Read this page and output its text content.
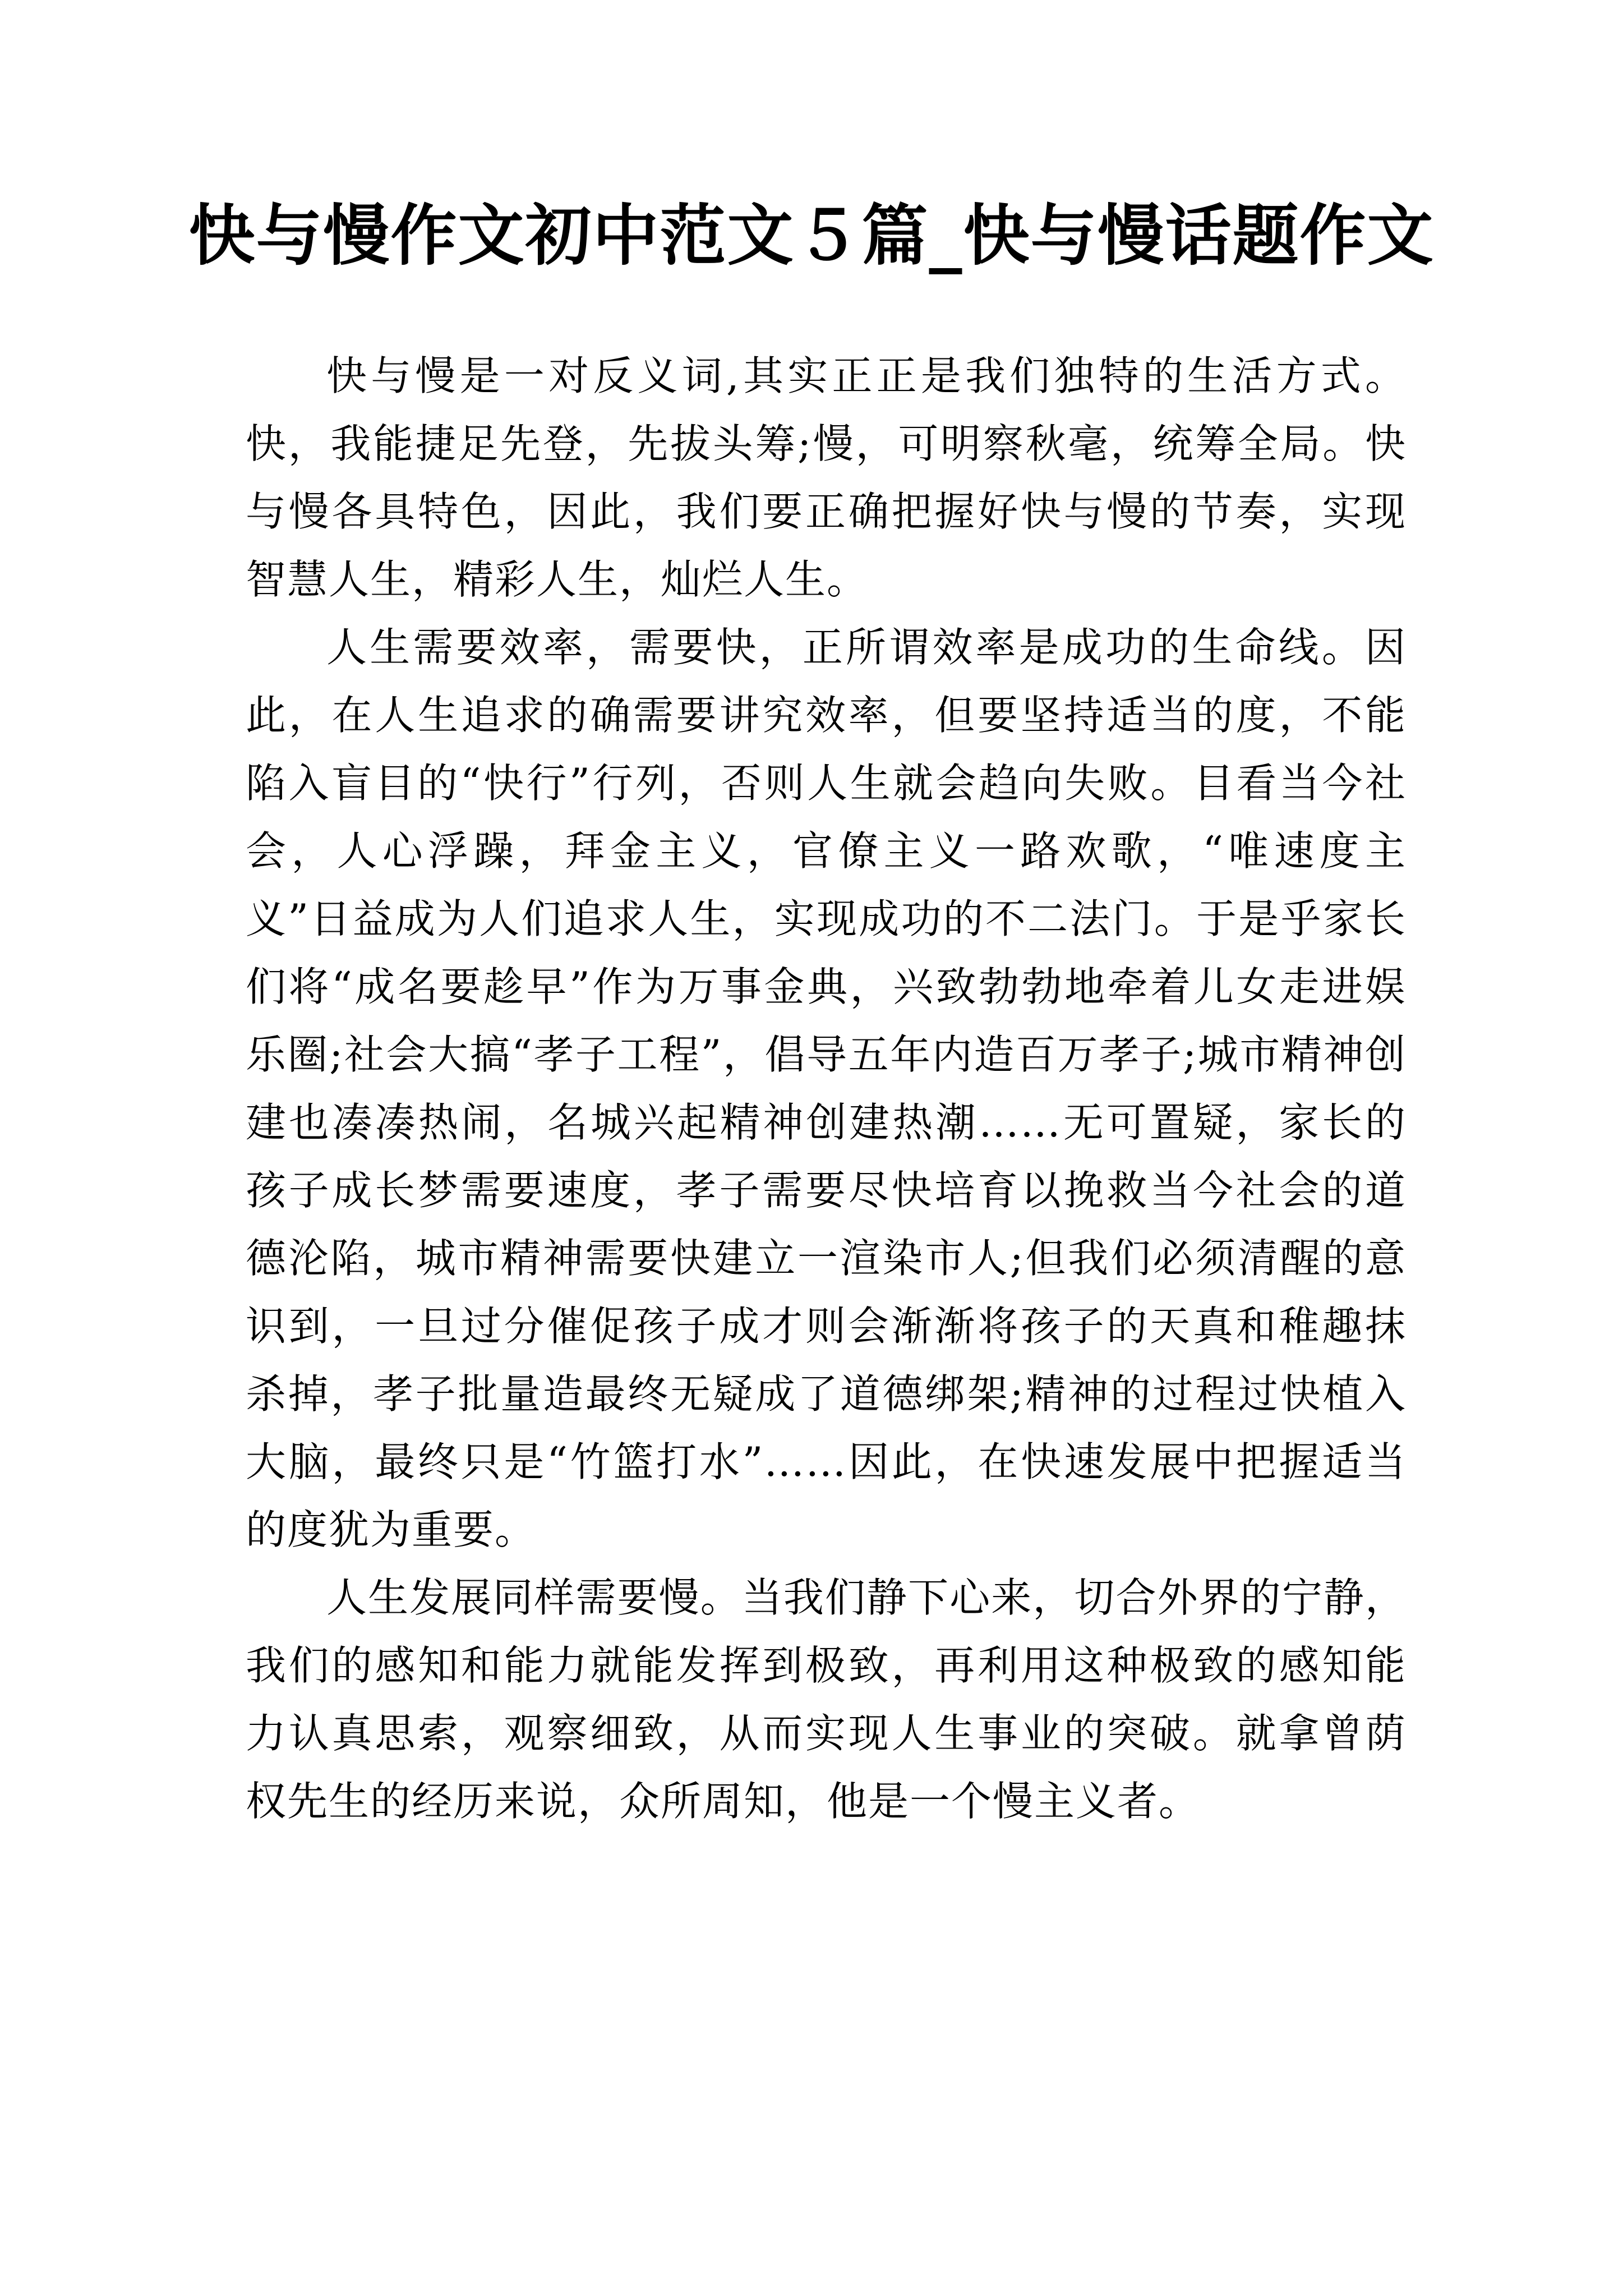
快与慢作文初中范文５篇_快与慢话题作文

快与慢是一对反义词,其实正正是我们独特的生活方式。快，我能捷足先登，先拔头筹;慢，可明察秋毫，统筹全局。快与慢各具特色，因此，我们要正确把握好快与慢的节奏，实现智慧人生，精彩人生，灿烂人生。

人生需要效率，需要快，正所谓效率是成功的生命线。因此，在人生追求的确需要讲究效率，但要坚持适当的度，不能陷入盲目的“快行”行列，否则人生就会趋向失败。目看当今社会，人心浮躁，拜金主义，官僚主义一路欢歌，“唯速度主义”日益成为人们追求人生，实现成功的不二法门。于是乎家长们将“成名要趁早”作为万事金典，兴致勃勃地牵着儿女走进娱乐圈;社会大搞“孝子工程”，倡导五年内造百万孝子;城市精神创建也凑凑热闹，名城兴起精神创建热潮……无可置疑，家长的孩子成长梦需要速度，孝子需要尽快培育以挽救当今社会的道德沦陷，城市精神需要快建立一渲染市人;但我们必须清醒的意识到，一旦过分催促孩子成才则会渐渐将孩子的天真和稚趣抹杀掉，孝子批量造最终无疑成了道德绑架;精神的过程过快植入大脑，最终只是“竹篮打水”……因此，在快速发展中把握适当的度犹为重要。

人生发展同样需要慢。当我们静下心来，切合外界的宁静，我们的感知和能力就能发挥到极致，再利用这种极致的感知能力认真思索，观察细致，从而实现人生事业的突破。就拿曾荫权先生的经历来说，众所周知，他是一个慢主义者。
